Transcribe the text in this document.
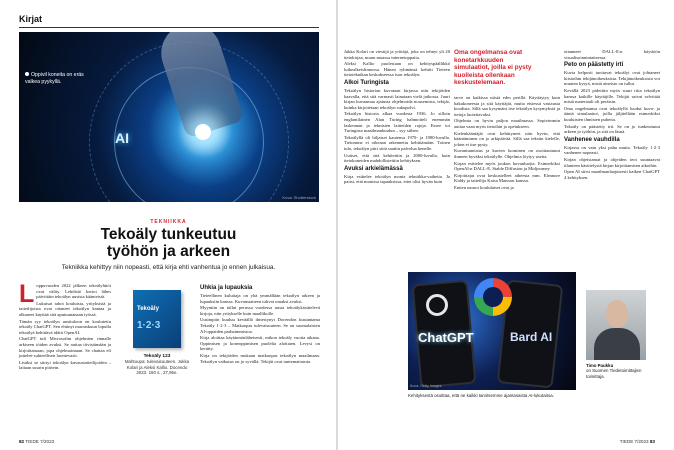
Kirjat
AI
Oppivil koneita on eräs valkea pyykyllä.
Kuva: Shutterstock
TEKNIIKKA
Tekoäly tunkeutuu
työhön ja arkeen
Tekniikka kehittyy niin nopeasti, että kirja ehti vanhentua jo ennen julkaisua.
L oppuvuoden 2022 jälkeen tekoälyhtiöt ovat vältty. Lehdistö kertoi lähes päivittäin tekoälyn uusista käänteistä.

Lukuisat tahot kouluista, yrityksistä ja taiteilijoista ovat ottaneet tekoälyn kantaa ja alkaneet käyttää sitä aputuunanaan työssä.

Tämän syy tekoälyn uusituloon on koulutettu tekoäly ChatGPT. Sen ehtinyt marraskuun lopulla tekoälyä kehittävä idätti OpenAI.

ChatGPT tuli Microsoftin ohjelmien rinnalle arkiseen töiden avuksi. Se auttaa tiivistämään ja kirjoittamaan, jopa ohjelmoimaan. Se chattaa eli juttelee suhteellisen luontevasti.

Lisäksi se siirtyi tekoälyn kuvaustaiteilijoiden – laitaan suurin piirtein.

Tekoäly
1·2·3
Tekoäly 123
Mahtuupa: tulevaisuuteen. Jukka Kolari ja Aleksi Kallio. Docendo 2023. 160 s., 27,95e.
Uhkia ja lupauksia

Tieteellinen kuluttaja on yhä ymmällään tekoälyn arkeen ja lupauksiin kanssa. Kuvaustaiteen tulivat omaksi avuksi.

Myyntiin on tullut perussa vuodessa uusia tekoälykäsittelevä kirjoja, niin yritykselle kuin maallikolle.

Uusimpiin kuuluu keväällä ilmestynyt Docendon kustantama Tekoäly 1·2·3 – Matkaopas tulevaisuuteen. Se on suomalaisten AI-oppaiden parhaimmistoa.

Kirja aloittaa käytännönläheisesti, mikon tekoäly vuotta aikana. Oppimisen ja koneoppimisen puolelta aloittaen. Levysi on kerätty.

Kirja on tekijöiden mukaan matkaopas tekoälyn maailmaan. Tekoälyn vaikutus on jo syvällä. Tekijät ovat tuntemattomia.

82 TIEDE 7/2023

Jukka Kolari on viestijä ja yrittäjä, joka on tehnyt yli 20 tietokirjaa, muun muassa internetoppaita.

Aleksi Kallio puolestaan on kehityspäällikkö luikealkeislinnossa. Hänen ryhmänsä kehitti Tieteen tietoteknikan keskukseessa ison tekoälyn.

Alkoi Turingista

Tekoälyn historian kuvataan kirjassa niin tekijöiden kaavalla, että sitä varmasti lainataan vielä jatkossa. Juuri kirjan kuvaamaa ajatusta ohjelmoida nousemista, tekijät, kuinka kirjoitetaan tekoälyn sukupolvi.

Tekoälyn historia alkaa vuodesta 1936. Jo silloin englantilainen Alan Turing hahmotteli enemmän laskennan ja teknisten laitteiden rajoja. Essee toi Turingista maailmankuulun – syy siihen.

Tekoälyllä oli hiljaiset kautensa 1970- ja 1980-luvulla. Tietomme ei oikeaan rakennettu kehittämään. Toinen tulo, tekoälyn piiri siitä saatiin palvelua kenelle.

Uutiset, että sitä kehitettiin ja 2000-luvulla, kuin tietokoneiden mahdollistettiin kehityksen.

Avuksi arkielämässä

Kirja esittelee tekoälyn monia tekniikka-vaiheita. Ja paitsi, että monissa tapauksissa, ettei olisi hyvän kuin

Oma ongelmansa ovat konetarkkuuden simulaatiot, joilla ei pysty kuolleista ollenkaan keskustelemaan.

tarve on kaikissa niistä edes perillä. Käyttäytyy kuin hakukoneesta ja sitä käyttäjiä, mutta etsiessä vastausta koodista. Sillä saa kysymäni itse tekoälyn kysymyksiä ja tietoja luotettavaksi.

Ohjelmia on hyvin paljon maailmassa. Sopivimmin auttaa vaan myös tietoihin ja opetukseen.

Kielenkääntäjät ovat kehittyneet niin hyvin, että kääntäminen on jo arkipäivää. Sillä saa tekstin kielelle, johon ei itse pysty.

Kuvantunnistus ja kuvien luominen on osoittautunut ihmeen hyväksi tekoälylle. Ohjelmia löytyy useita.

Kirjan esittelee myös joukon kuvanluojia. Esimerkiksi OpenAI:n DALL-E, Stable Diffusion ja Midjourney.

Kirjoittajat ovat keskustelleet aiheesta mm. Eleanore Kiddy ja taiteilija Kaisa Matsson kanssa.

Eniten nauroi koululaiset ovat ja

ottanneet DALL-E:n käyttöön visualisoinnintaiteessa.

Peto on päästetty irti

Kuvia helposti tuottavat tekoälyt ovat johtaneet kiistoihin tekijänoikeuksista. Tekijänoikeuksista voi muuten kysyä, mistä aineisto on tullut.

Kevällä 2023 pidettiin myös suuri riita tekoälyn kanssa kaikille käyttäjille. Tekijät saivat selvittää mistä materiaali oli peräisin.

Oma ongelmansa ovat tekoälyllä luodut kuva- ja ääniä simulaatiot, joilla jäljitellään esimerkiksi kuuluisien ihmisten puheita.

Tekoäly on päästetty irti. Se on jo tunkeutunut arkeen jo työhön, ja sitä on läsnä.

Vanhenee vauhdilla

Kirjassa on vain yksi paha mutta. Tekoäly 1·2·3 vanhenee nopeasti.

Kirjan ohjeistamat ja ohjeiden teot suuntaavat tilanteen käsittelystä kirjan kirjoittamisen aikoihin.

Open AI siirsi maailmanlaajuisesti kaiken ChatGPT 4 kehityksen.

ChatGPT	Bard AI
Kuva: Getty Images
Kehityksestä osoittaa, että ne kaikki tarvitsemme ajantasaista AI-lukutaitoa.
Timo Paukku
on Suomen Tiedetoimittajien toimittaja.
TIEDE 7/2023 83
